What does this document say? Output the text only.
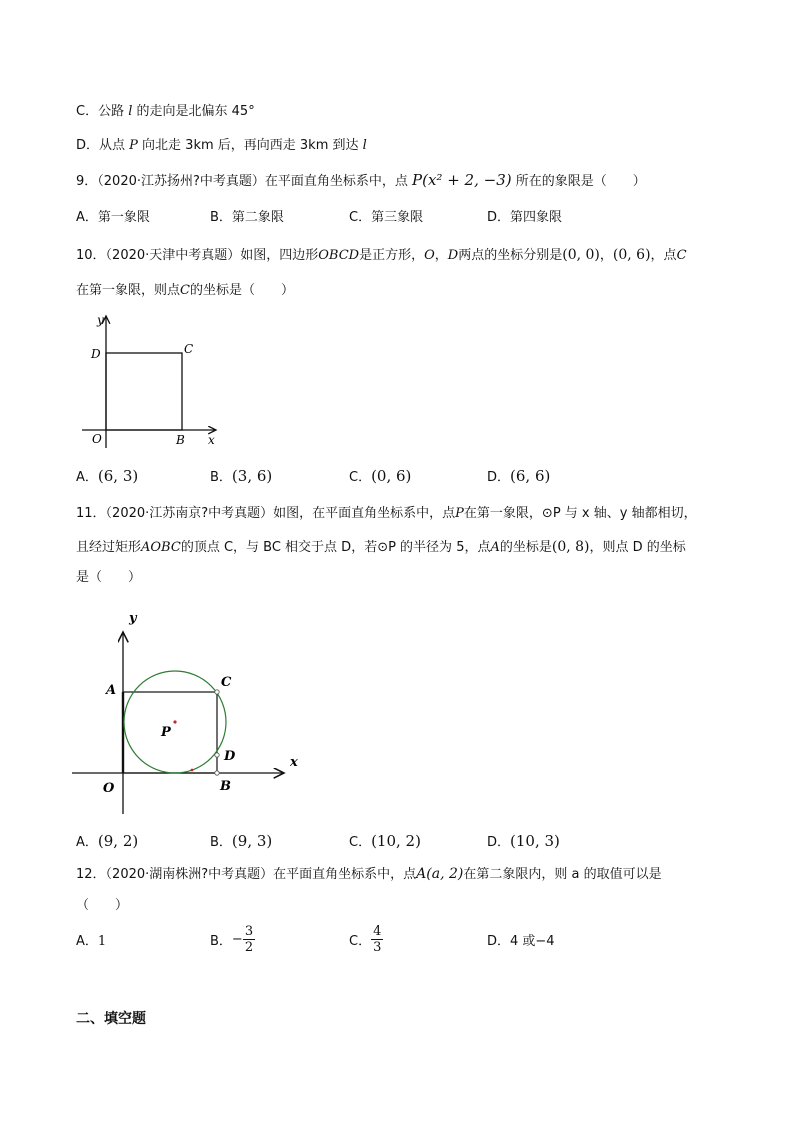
C．公路 l 的走向是北偏东 45°
D．从点 P 向北走 3km 后，再向西走 3km 到达 l
9．（2020·江苏扬州?中考真题）在平面直角坐标系中，点 P(x² + 2, −3) 所在的象限是（　　）
A．第一象限	B．第二象限	C．第三象限	D．第四象限
10．（2020·天津中考真题）如图，四边形OBCD是正方形，O，D两点的坐标分别是(0, 0)，(0, 6)，点C
在第一象限，则点C的坐标是（　　）
y
x
D	C
O	B
A．(6, 3)	B．(3, 6)	C．(0, 6)	D．(6, 6)
11．（2020·江苏南京?中考真题）如图，在平面直角坐标系中，点P在第一象限，⊙P 与 x 轴、y 轴都相切，
且经过矩形AOBC的顶点 C，与 BC 相交于点 D，若⊙P 的半径为 5，点A的坐标是(0, 8)，则点 D 的坐标
是（　　）
y
x
A
C
P
D
O	B
A．(9, 2)	B．(9, 3)	C．(10, 2)	D．(10, 3)
12．（2020·湖南株洲?中考真题）在平面直角坐标系中，点A(a, 2)在第二象限内，则 a 的取值可以是
（　　）
A．1	B．− $\frac{3}{2}$	C． $\frac{4}{3}$	D．4 或−4
二、填空题
